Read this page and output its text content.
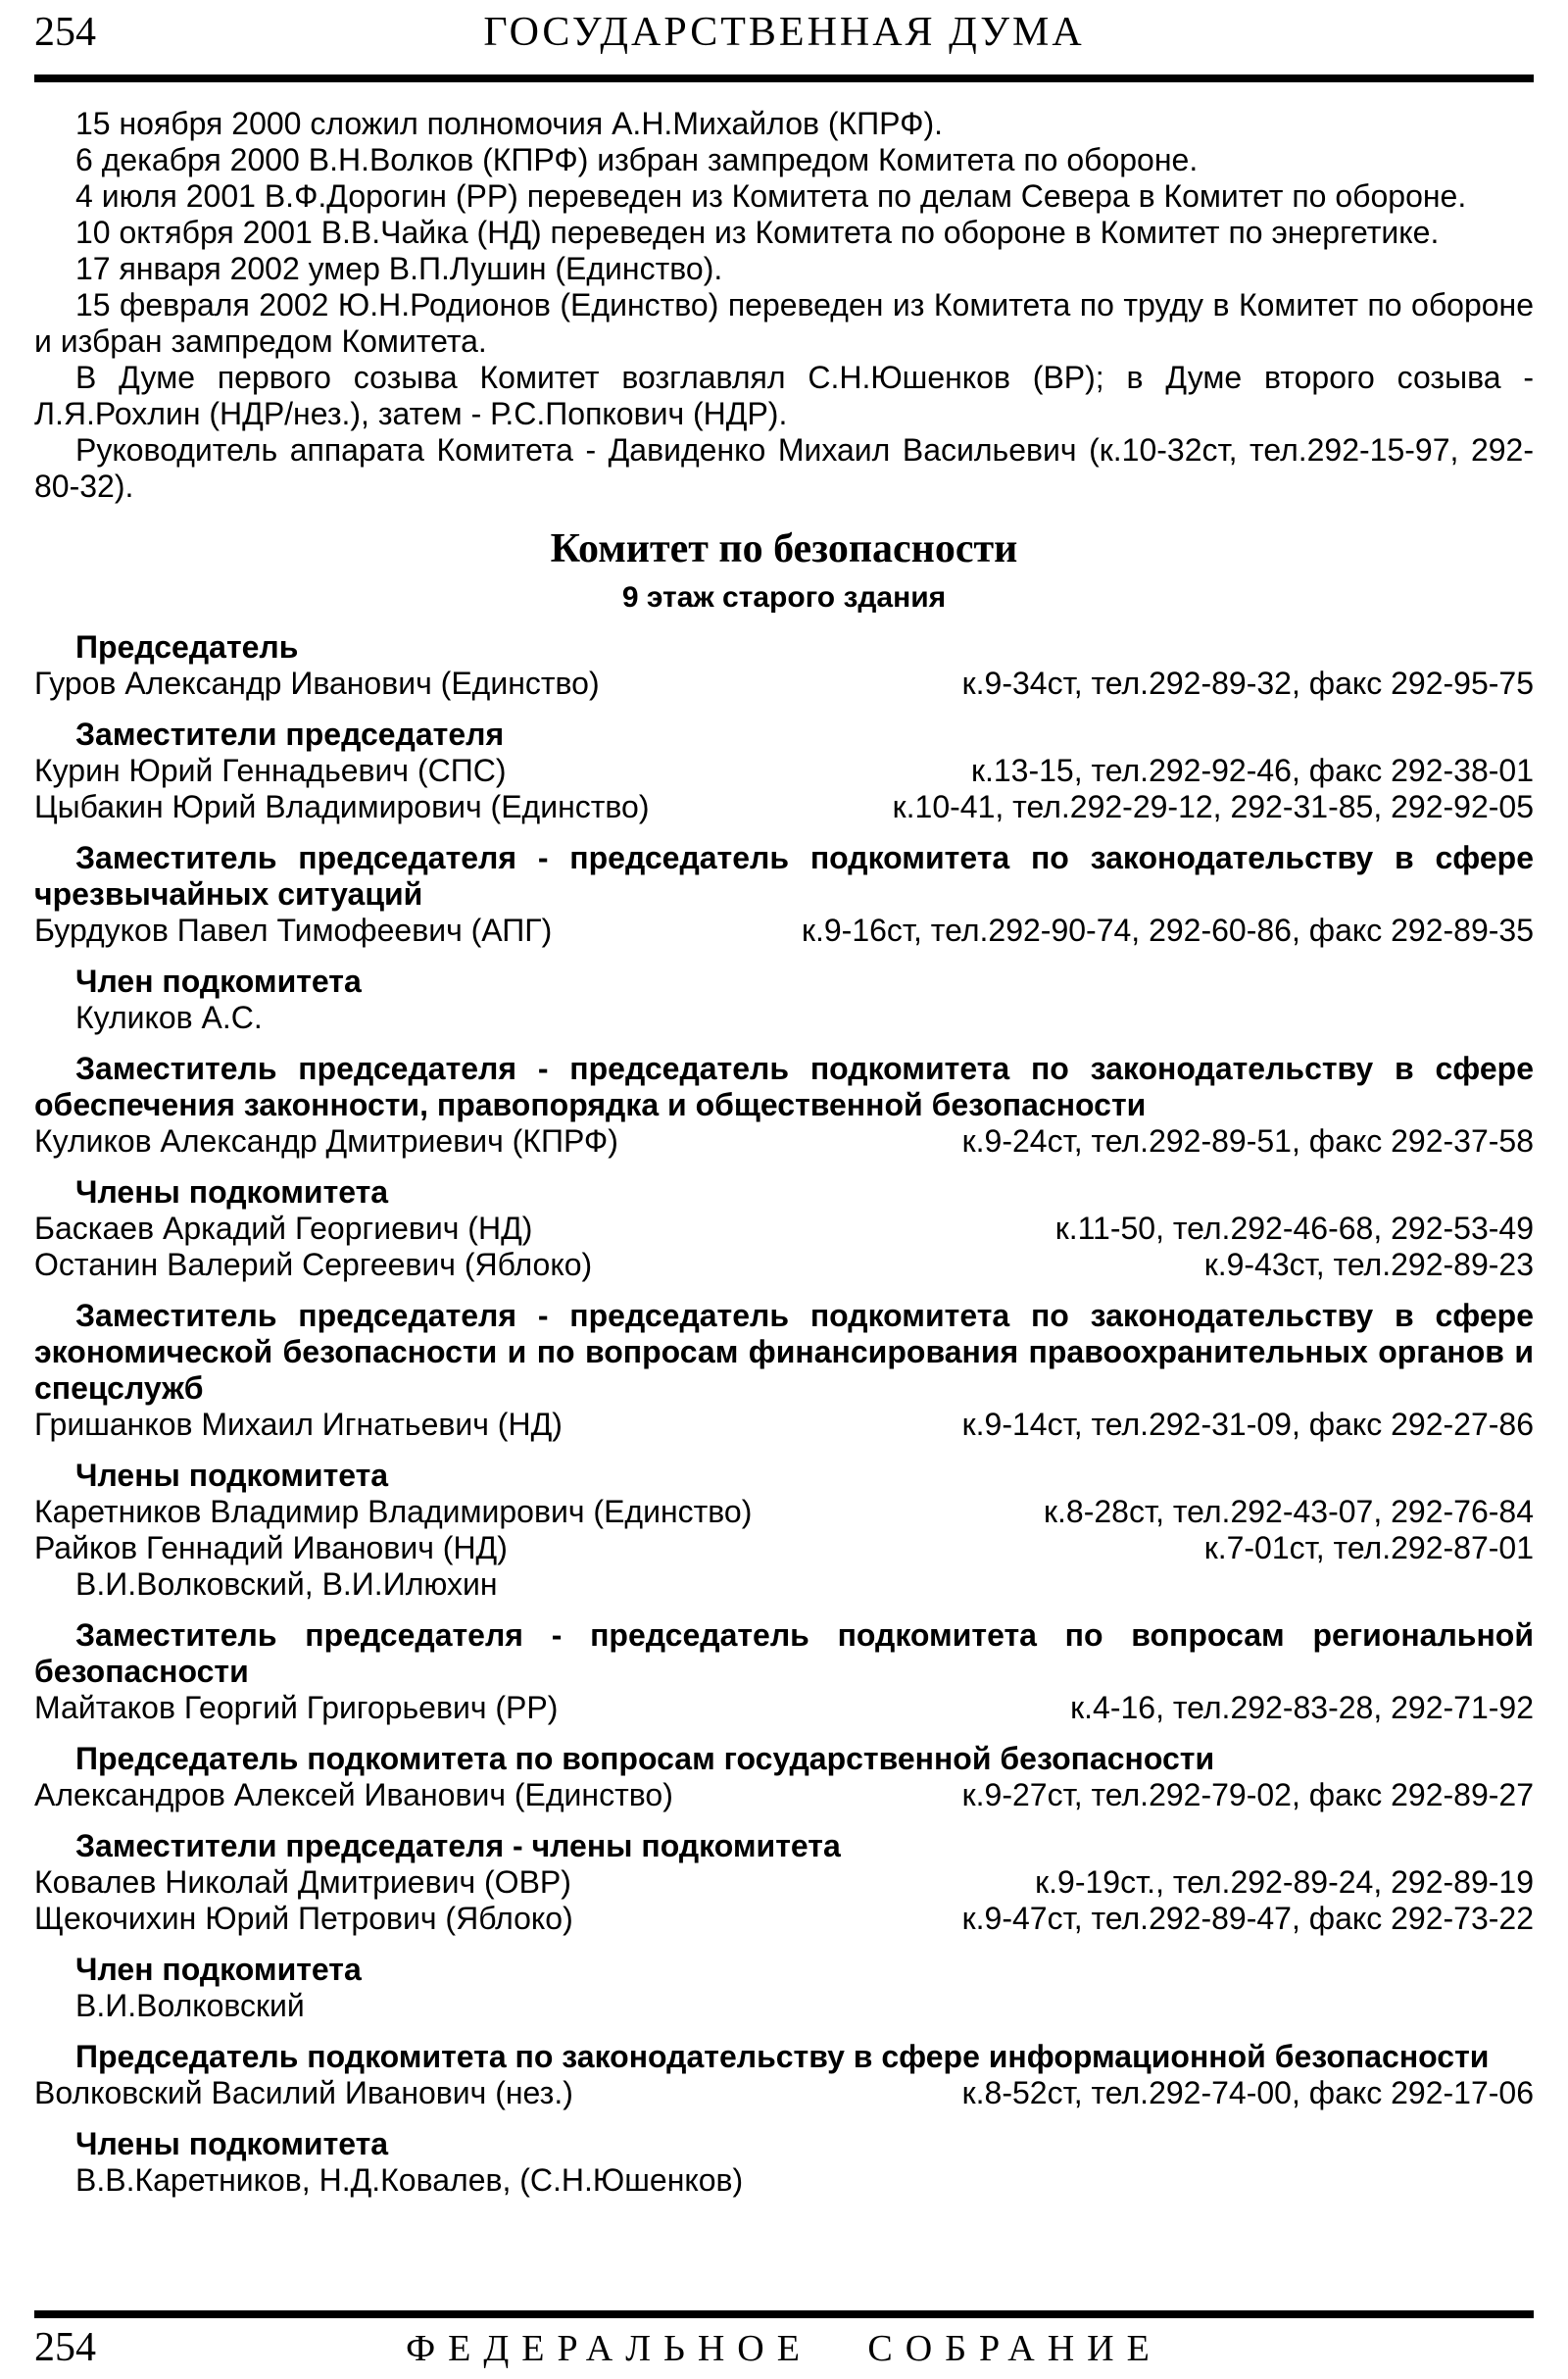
254	ГОСУДАРСТВЕННАЯ ДУМА

15 ноября 2000 сложил полномочия А.Н.Михайлов (КПРФ).

6 декабря 2000 В.Н.Волков (КПРФ) избран зампредом Комитета по обороне.

4 июля 2001 В.Ф.Дорогин (РР) переведен из Комитета по делам Севера в Комитет по обороне.

10 октября 2001 В.В.Чайка (НД) переведен из Комитета по обороне в Комитет по энергетике.

17 января 2002 умер В.П.Лушин (Единство).

15 февраля 2002 Ю.Н.Родионов (Единство) переведен из Комитета по труду в Комитет по обороне и избран зампредом Комитета.

В Думе первого созыва Комитет возглавлял С.Н.Юшенков (ВР); в Думе второго созыва - Л.Я.Рохлин (НДР/нез.), затем - Р.С.Попкович (НДР).

Руководитель аппарата Комитета - Давиденко Михаил Васильевич (к.10-32ст, тел.292-15-97, 292-80-32).

Комитет по безопасности
9 этаж старого здания
Председатель
Гуров Александр Иванович (Единство)	к.9-34ст, тел.292-89-32, факс 292-95-75
Заместители председателя
Курин Юрий Геннадьевич (СПС)	к.13-15, тел.292-92-46, факс 292-38-01
Цыбакин Юрий Владимирович (Единство)	к.10-41, тел.292-29-12, 292-31-85, 292-92-05
Заместитель председателя - председатель подкомитета по законодательству в сфере чрезвычайных ситуаций
Бурдуков Павел Тимофеевич (АПГ)	к.9-16ст, тел.292-90-74, 292-60-86, факс 292-89-35
Член подкомитета
Куликов А.С.
Заместитель председателя - председатель подкомитета по законодательству в сфере обеспечения законности, правопорядка и общественной безопасности
Куликов Александр Дмитриевич (КПРФ)	к.9-24ст, тел.292-89-51, факс 292-37-58
Члены подкомитета
Баскаев Аркадий Георгиевич (НД)	к.11-50, тел.292-46-68, 292-53-49
Останин Валерий Сергеевич (Яблоко)	к.9-43ст, тел.292-89-23
Заместитель председателя - председатель подкомитета по законодательству в сфере экономической безопасности и по вопросам финансирования правоохранительных органов и спецслужб
Гришанков Михаил Игнатьевич (НД)	к.9-14ст, тел.292-31-09, факс 292-27-86
Члены подкомитета
Каретников Владимир Владимирович (Единство)	к.8-28ст, тел.292-43-07, 292-76-84
Райков Геннадий Иванович (НД)	к.7-01ст, тел.292-87-01
В.И.Волковский, В.И.Илюхин
Заместитель председателя - председатель подкомитета по вопросам региональной безопасности
Майтаков Георгий Григорьевич (РР)	к.4-16, тел.292-83-28, 292-71-92
Председатель подкомитета по вопросам государственной безопасности
Александров Алексей Иванович (Единство)	к.9-27ст, тел.292-79-02, факс 292-89-27
Заместители председателя - члены подкомитета
Ковалев Николай Дмитриевич (ОВР)	к.9-19ст., тел.292-89-24, 292-89-19
Щекочихин Юрий Петрович (Яблоко)	к.9-47ст, тел.292-89-47, факс 292-73-22
Член подкомитета
В.И.Волковский
Председатель подкомитета по законодательству в сфере информационной безопасности
Волковский Василий Иванович (нез.)	к.8-52ст, тел.292-74-00, факс 292-17-06
Члены подкомитета
В.В.Каретников, Н.Д.Ковалев, (С.Н.Юшенков)
254	ФЕДЕРАЛЬНОЕ СОБРАНИЕ
